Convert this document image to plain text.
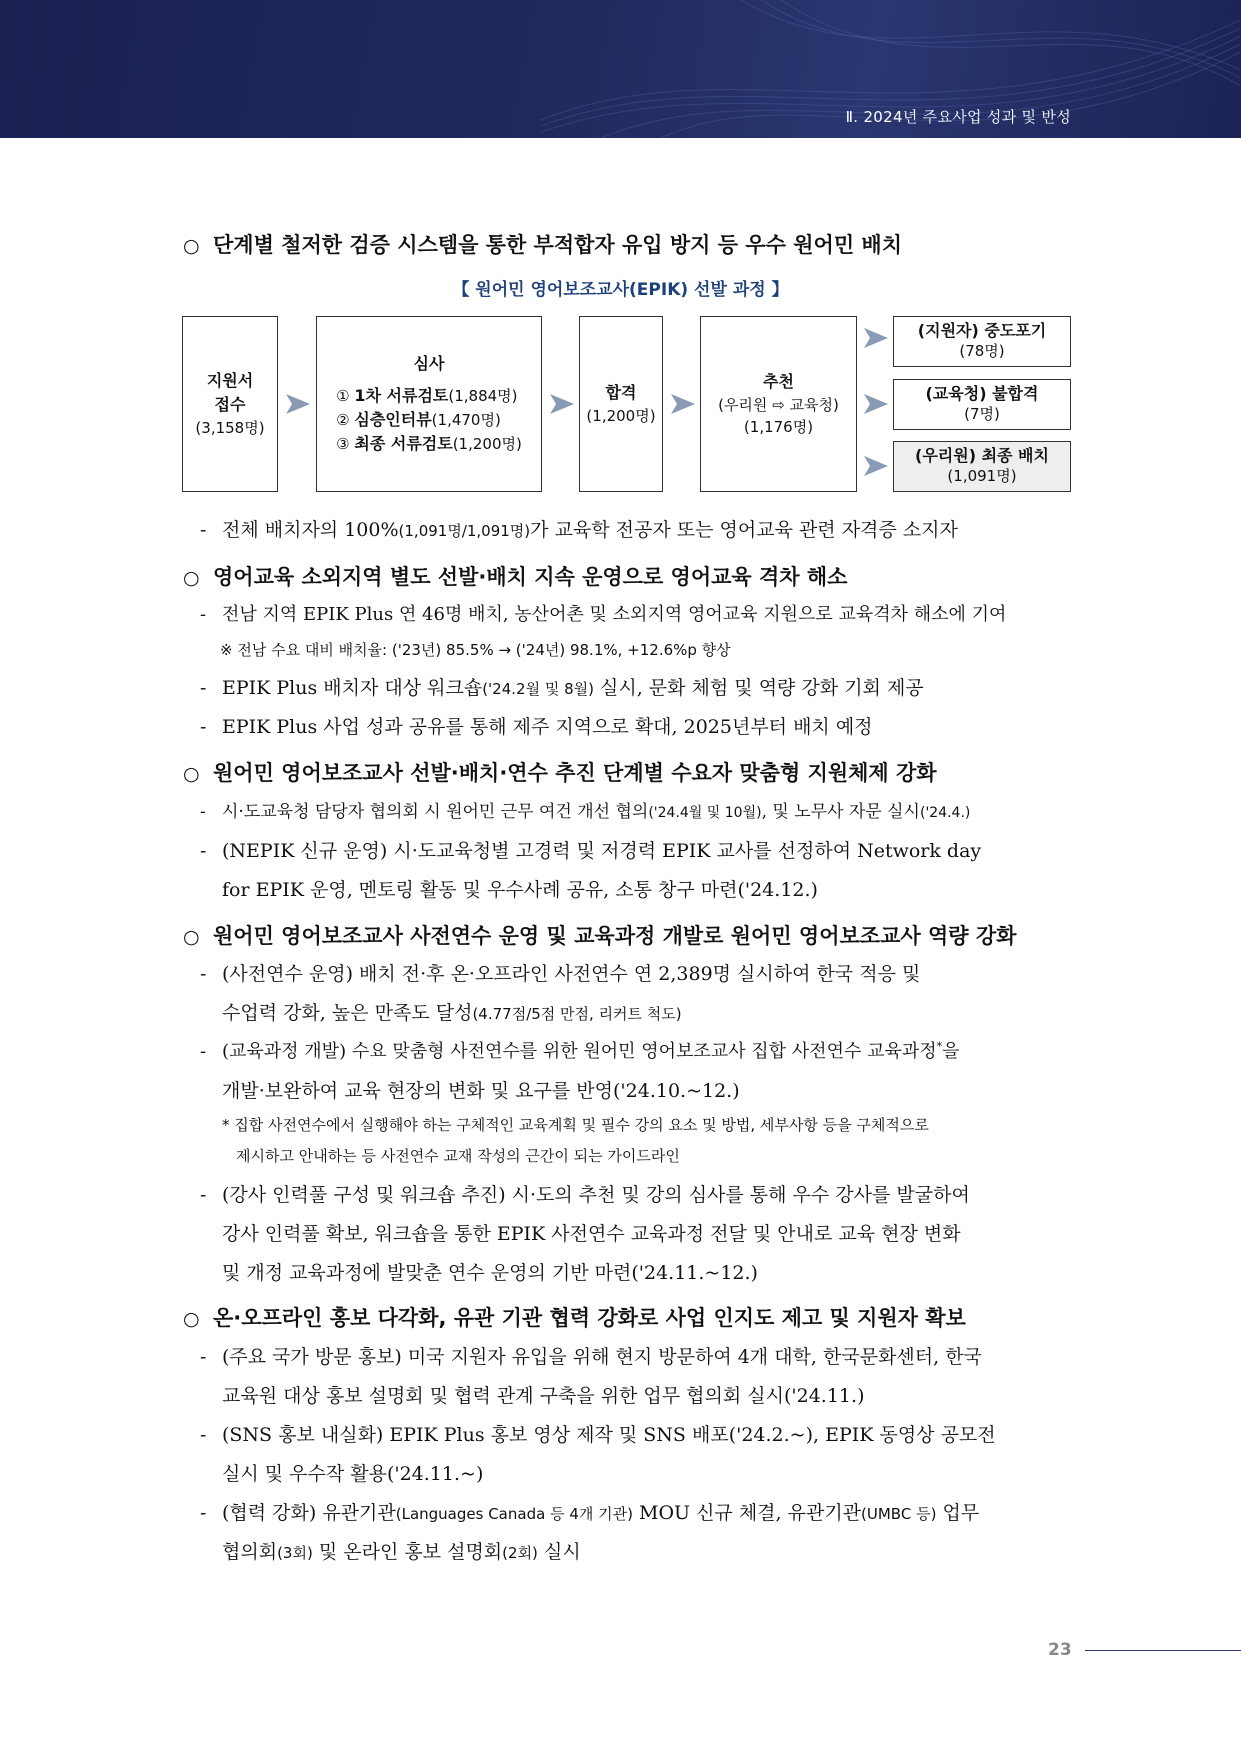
Ⅱ. 2024년 주요사업 성과 및 반성
○ 단계별 철저한 검증 시스템을 통한 부적합자 유입 방지 등 우수 원어민 배치
【 원어민 영어보조교사(EPIK) 선발 과정 】
지원서
접수
(3,158명)
심사
① 1차 서류검토(1,884명)
② 심층인터뷰(1,470명)
③ 최종 서류검토(1,200명)
합격
(1,200명)
추천
(우리원 ⇨ 교육청)
(1,176명)
(지원자) 중도포기
(78명)
(교육청) 불합격
(7명)
(우리원) 최종 배치
(1,091명)
- 전체 배치자의 100%(1,091명/1,091명)가 교육학 전공자 또는 영어교육 관련 자격증 소지자
○ 영어교육 소외지역 별도 선발·배치 지속 운영으로 영어교육 격차 해소
- 전남 지역 EPIK Plus 연 46명 배치, 농산어촌 및 소외지역 영어교육 지원으로 교육격차 해소에 기여
※ 전남 수요 대비 배치율: ('23년) 85.5% → ('24년) 98.1%, +12.6%p 향상
- EPIK Plus 배치자 대상 워크숍('24.2월 및 8월) 실시, 문화 체험 및 역량 강화 기회 제공
- EPIK Plus 사업 성과 공유를 통해 제주 지역으로 확대, 2025년부터 배치 예정
○ 원어민 영어보조교사 선발·배치·연수 추진 단계별 수요자 맞춤형 지원체제 강화
- 시·도교육청 담당자 협의회 시 원어민 근무 여건 개선 협의('24.4월 및 10월), 및 노무사 자문 실시('24.4.)
- (NEPIK 신규 운영) 시·도교육청별 고경력 및 저경력 EPIK 교사를 선정하여 Network day
for EPIK 운영, 멘토링 활동 및 우수사례 공유, 소통 창구 마련('24.12.)
○ 원어민 영어보조교사 사전연수 운영 및 교육과정 개발로 원어민 영어보조교사 역량 강화
- (사전연수 운영) 배치 전·후 온·오프라인 사전연수 연 2,389명 실시하여 한국 적응 및
수업력 강화, 높은 만족도 달성(4.77점/5점 만점, 리커트 척도)
- (교육과정 개발) 수요 맞춤형 사전연수를 위한 원어민 영어보조교사 집합 사전연수 교육과정*을
개발·보완하여 교육 현장의 변화 및 요구를 반영('24.10.~12.)
* 집합 사전연수에서 실행해야 하는 구체적인 교육계획 및 필수 강의 요소 및 방법, 세부사항 등을 구체적으로
제시하고 안내하는 등 사전연수 교재 작성의 근간이 되는 가이드라인
- (강사 인력풀 구성 및 워크숍 추진) 시·도의 추천 및 강의 심사를 통해 우수 강사를 발굴하여
강사 인력풀 확보, 워크숍을 통한 EPIK 사전연수 교육과정 전달 및 안내로 교육 현장 변화
및 개정 교육과정에 발맞춘 연수 운영의 기반 마련('24.11.~12.)
○ 온·오프라인 홍보 다각화, 유관 기관 협력 강화로 사업 인지도 제고 및 지원자 확보
- (주요 국가 방문 홍보) 미국 지원자 유입을 위해 현지 방문하여 4개 대학, 한국문화센터, 한국
교육원 대상 홍보 설명회 및 협력 관계 구축을 위한 업무 협의회 실시('24.11.)
- (SNS 홍보 내실화) EPIK Plus 홍보 영상 제작 및 SNS 배포('24.2.~), EPIK 동영상 공모전
실시 및 우수작 활용('24.11.~)
- (협력 강화) 유관기관(Languages Canada 등 4개 기관) MOU 신규 체결, 유관기관(UMBC 등) 업무
협의회(3회) 및 온라인 홍보 설명회(2회) 실시
23
